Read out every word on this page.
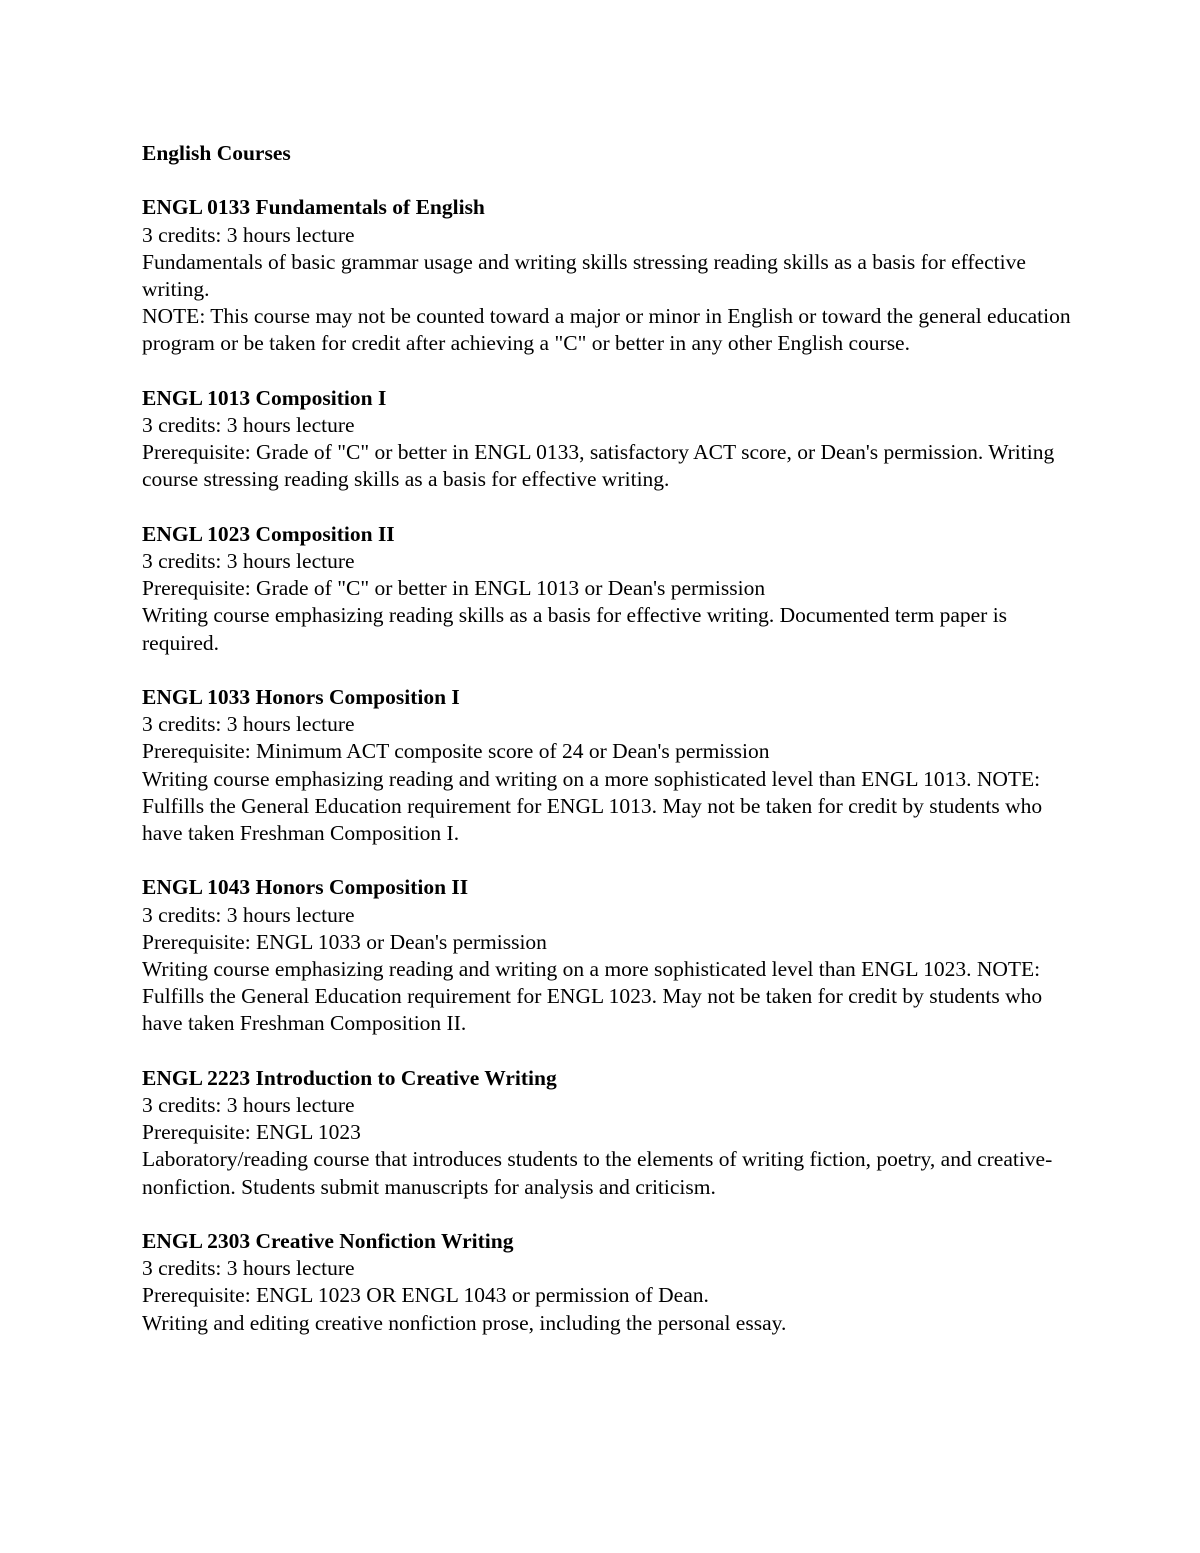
English Courses
ENGL 0133 Fundamentals of English
3 credits: 3 hours lecture
Fundamentals of basic grammar usage and writing skills stressing reading skills as a basis for effective writing.
NOTE: This course may not be counted toward a major or minor in English or toward the general education program or be taken for credit after achieving a "C" or better in any other English course.
ENGL 1013 Composition I
3 credits: 3 hours lecture
Prerequisite: Grade of "C" or better in ENGL 0133, satisfactory ACT score, or Dean's permission. Writing course stressing reading skills as a basis for effective writing.
ENGL 1023 Composition II
3 credits: 3 hours lecture
Prerequisite: Grade of "C" or better in ENGL 1013 or Dean's permission
Writing course emphasizing reading skills as a basis for effective writing. Documented term paper is required.
ENGL 1033 Honors Composition I
3 credits: 3 hours lecture
Prerequisite: Minimum ACT composite score of 24 or Dean's permission
Writing course emphasizing reading and writing on a more sophisticated level than ENGL 1013. NOTE: Fulfills the General Education requirement for ENGL 1013. May not be taken for credit by students who have taken Freshman Composition I.
ENGL 1043 Honors Composition II
3 credits: 3 hours lecture
Prerequisite: ENGL 1033 or Dean's permission
Writing course emphasizing reading and writing on a more sophisticated level than ENGL 1023. NOTE: Fulfills the General Education requirement for ENGL 1023. May not be taken for credit by students who have taken Freshman Composition II.
ENGL 2223 Introduction to Creative Writing
3 credits: 3 hours lecture
Prerequisite: ENGL 1023
Laboratory/reading course that introduces students to the elements of writing fiction, poetry, and creative-nonfiction. Students submit manuscripts for analysis and criticism.
ENGL 2303 Creative Nonfiction Writing
3 credits: 3 hours lecture
Prerequisite: ENGL 1023 OR ENGL 1043 or permission of Dean.
Writing and editing creative nonfiction prose, including the personal essay.
